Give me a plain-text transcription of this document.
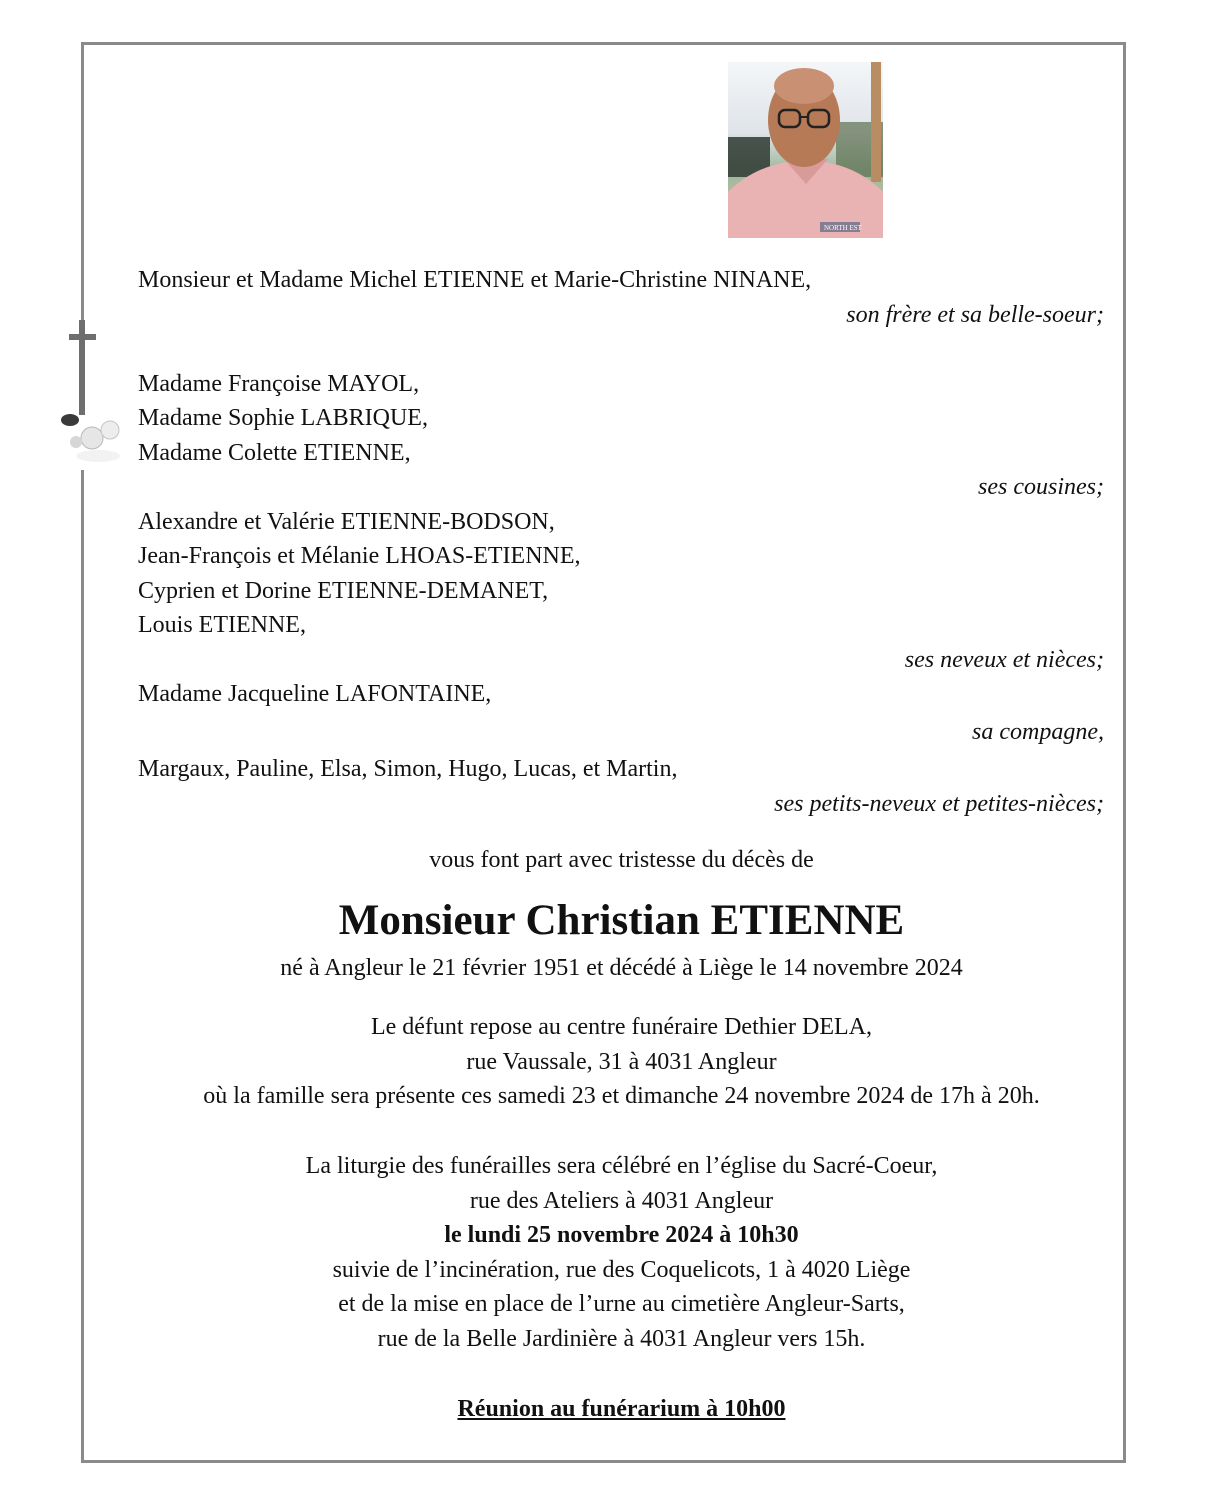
NORTH EST
Monsieur et Madame Michel ETIENNE et Marie-Christine NINANE,
son frère et sa belle-soeur;
Madame Françoise MAYOL,
Madame Sophie LABRIQUE,
Madame Colette ETIENNE,
ses cousines;
Alexandre et Valérie ETIENNE-BODSON,
Jean-François et Mélanie LHOAS-ETIENNE,
Cyprien et Dorine ETIENNE-DEMANET,
Louis ETIENNE,
ses neveux et nièces;
Madame Jacqueline LAFONTAINE,
sa compagne,
Margaux, Pauline, Elsa, Simon, Hugo, Lucas, et Martin,
ses petits-neveux et petites-nièces;
vous font part avec tristesse du décès de
Monsieur Christian ETIENNE
né à Angleur le 21 février 1951 et décédé à Liège le 14 novembre 2024
Le défunt repose au centre funéraire Dethier DELA,
rue Vaussale, 31 à 4031 Angleur
où la famille sera présente ces samedi 23 et dimanche 24 novembre 2024 de 17h à 20h.
La liturgie des funérailles sera célébré en l’église du Sacré-Coeur,
rue des Ateliers à 4031 Angleur
le lundi 25 novembre 2024 à 10h30
suivie de l’incinération, rue des Coquelicots, 1 à 4020 Liège
et de la mise en place de l’urne au cimetière Angleur-Sarts,
rue de la Belle Jardinière à 4031 Angleur vers 15h.
Réunion au funérarium à 10h00
